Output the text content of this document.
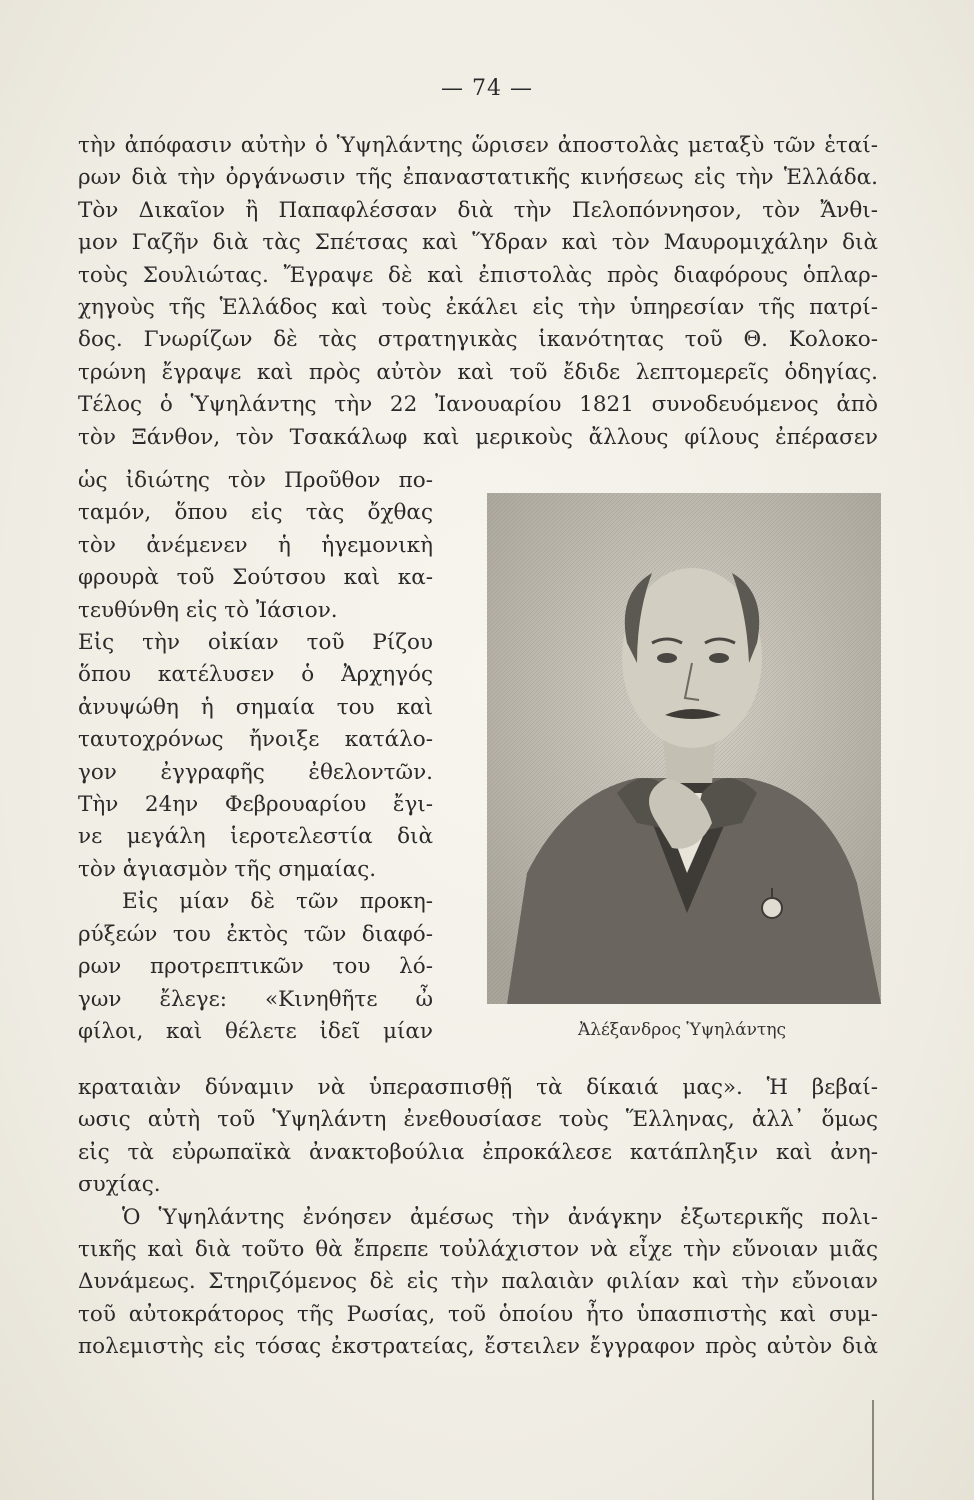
— 74 —
τὴν ἀπόφασιν αὐτὴν ὁ Ὑψηλάντης ὥρισεν ἀποστολὰς μεταξὺ τῶν ἑταί-
ρων διὰ τὴν ὀργάνωσιν τῆς ἐπαναστατικῆς κινήσεως εἰς τὴν Ἑλλάδα.
Τὸν Δικαῖον ἢ Παπαφλέσσαν διὰ τὴν Πελοπόννησον, τὸν Ἄνθι-
μον Γαζῆν διὰ τὰς Σπέτσας καὶ Ὕδραν καὶ τὸν Μαυρομιχάλην διὰ
τοὺς Σουλιώτας. Ἔγραψε δὲ καὶ ἐπιστολὰς πρὸς διαφόρους ὁπλαρ-
χηγοὺς τῆς Ἑλλάδος καὶ τοὺς ἐκάλει εἰς τὴν ὑπηρεσίαν τῆς πατρί-
δος. Γνωρίζων δὲ τὰς στρατηγικὰς ἱκανότητας τοῦ Θ. Κολοκο-
τρώνη ἔγραψε καὶ πρὸς αὐτὸν καὶ τοῦ ἔδιδε λεπτομερεῖς ὁδηγίας.
Τέλος ὁ Ὑψηλάντης τὴν 22 Ἰανουαρίου 1821 συνοδευόμενος ἀπὸ
τὸν Ξάνθον, τὸν Τσακάλωφ καὶ μερικοὺς ἄλλους φίλους ἐπέρασεν
ὡς ἰδιώτης τὸν Προῦθον πο-
ταμόν, ὅπου εἰς τὰς ὄχθας
τὸν ἀνέμενεν ἡ ἡγεμονικὴ
φρουρὰ τοῦ Σούτσου καὶ κα-
τευθύνθη εἰς τὸ Ἰάσιον.
Εἰς τὴν οἰκίαν τοῦ Ρίζου
ὅπου κατέλυσεν ὁ Ἀρχηγός
ἀνυψώθη ἡ σημαία του καὶ
ταυτοχρόνως ἤνοιξε κατάλο-
γον ἐγγραφῆς ἐθελοντῶν.
Τὴν 24ην Φεβρουαρίου ἔγι-
νε μεγάλη ἱεροτελεστία διὰ
τὸν ἁγιασμὸν τῆς σημαίας.
Εἰς μίαν δὲ τῶν προκη-
ρύξεών του ἐκτὸς τῶν διαφό-
ρων προτρεπτικῶν του λό-
γων ἔλεγε: «Κινηθῆτε ὦ
φίλοι, καὶ θέλετε ἰδεῖ μίαν	Ἀλέξανδρος Ὑψηλάντης
κραταιὰν δύναμιν νὰ ὑπερασπισθῇ τὰ δίκαιά μας». Ἡ βεβαί-
ωσις αὐτὴ τοῦ Ὑψηλάντη ἐνεθουσίασε τοὺς Ἕλληνας, ἀλλ᾽ ὅμως
εἰς τὰ εὐρωπαϊκὰ ἀνακτοβούλια ἐπροκάλεσε κατάπληξιν καὶ ἀνη-
συχίας.
Ὁ Ὑψηλάντης ἐνόησεν ἀμέσως τὴν ἀνάγκην ἐξωτερικῆς πολι-
τικῆς καὶ διὰ τοῦτο θὰ ἔπρεπε τοὐλάχιστον νὰ εἶχε τὴν εὔνοιαν μιᾶς
Δυνάμεως. Στηριζόμενος δὲ εἰς τὴν παλαιὰν φιλίαν καὶ τὴν εὔνοιαν
τοῦ αὐτοκράτορος τῆς Ρωσίας, τοῦ ὁποίου ἦτο ὑπασπιστὴς καὶ συμ-
πολεμιστὴς εἰς τόσας ἐκστρατείας, ἔστειλεν ἔγγραφον πρὸς αὐτὸν διὰ
